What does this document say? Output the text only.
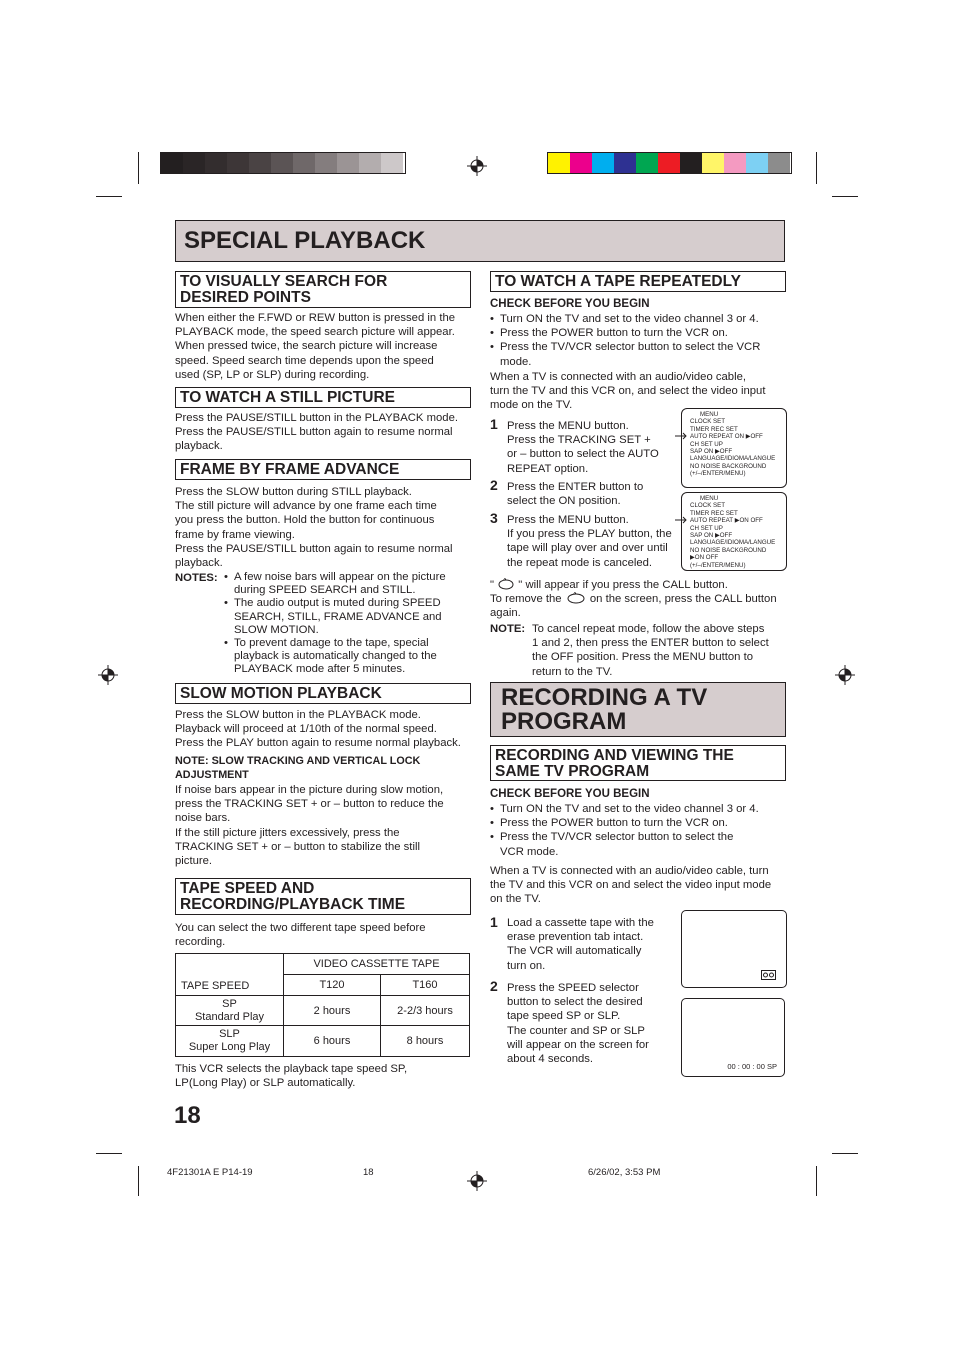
SPECIAL PLAYBACK
TO VISUALLY SEARCH FOR
DESIRED POINTS
When either the F.FWD or REW button is pressed in the
PLAYBACK mode, the speed search picture will appear.
When pressed twice, the search picture will increase
speed. Speed search time depends upon the speed
used (SP, LP or SLP) during recording.
TO WATCH A STILL PICTURE
Press the PAUSE/STILL button in the PLAYBACK mode.
Press the PAUSE/STILL button again to resume normal
playback.
FRAME BY FRAME ADVANCE
Press the SLOW button during STILL playback.
The still picture will advance by one frame each time
you press the button. Hold the button for continuous
frame by frame viewing.
Press the PAUSE/STILL button again to resume normal
playback.
NOTES: • A few noise bars will appear on the picture
during SPEED SEARCH and STILL.
• The audio output is muted during SPEED
SEARCH, STILL, FRAME ADVANCE and
SLOW MOTION.
• To prevent damage to the tape, special
playback is automatically changed to the
PLAYBACK mode after 5 minutes.
SLOW MOTION PLAYBACK
Press the SLOW button in the PLAYBACK mode.
Playback will proceed at 1/10th of the normal speed.
Press the PLAY button again to resume normal playback.
NOTE: SLOW TRACKING AND VERTICAL LOCK
ADJUSTMENT
If noise bars appear in the picture during slow motion,
press the TRACKING SET + or – button to reduce the
noise bars.
If the still picture jitters excessively, press the
TRACKING SET + or – button to stabilize the still
picture.
TAPE SPEED AND
RECORDING/PLAYBACK TIME
You can select the two different tape speed before
recording.
TAPE SPEED	VIDEO CASSETTE TAPE	
	T120	T160

SP
Standard Play	2 hours	2-2/3 hours

SLP
Super Long Play	6 hours	8 hours
This VCR selects the playback tape speed SP,
LP(Long Play) or SLP automatically.
18
TO WATCH A TAPE REPEATEDLY
CHECK BEFORE YOU BEGIN
• Turn ON the TV and set to the video channel 3 or 4.
• Press the POWER button to turn the VCR on.
• Press the TV/VCR selector button to select the VCR
mode.
When a TV is connected with an audio/video cable,
turn the TV and this VCR on, and select the video input
mode on the TV.
1 Press the MENU button.
Press the TRACKING SET +
or – button to select the AUTO
REPEAT option.
2 Press the ENTER button to
select the ON position.
3 Press the MENU button.
If you press the PLAY button, the
tape will play over and over until
the repeat mode is canceled.
MENU
CLOCK SET
TIMER REC SET
AUTO REPEAT ON ▶OFF
CH SET UP
SAP ON ▶OFF
LANGUAGE/IDIOMA/LANGUE
NO NOISE BACKGROUND
(+/–/ENTER/MENU)
MENU
CLOCK SET
TIMER REC SET
AUTO REPEAT ▶ON OFF
CH SET UP
SAP ON ▶OFF
LANGUAGE/IDIOMA/LANGUE
NO NOISE BACKGROUND
▶ON OFF
(+/–/ENTER/MENU)
" " will appear if you press the CALL button.
To remove the	on the screen, press the CALL button
again.
NOTE: To cancel repeat mode, follow the above steps
1 and 2, then press the ENTER button to select
the OFF position. Press the MENU button to
return to the TV.
RECORDING A TV
PROGRAM
RECORDING AND VIEWING THE
SAME TV PROGRAM
CHECK BEFORE YOU BEGIN
• Turn ON the TV and set to the video channel 3 or 4.
• Press the POWER button to turn the VCR on.
• Press the TV/VCR selector button to select the
VCR mode.
When a TV is connected with an audio/video cable, turn
the TV and this VCR on and select the video input mode
on the TV.
1 Load a cassette tape with the
erase prevention tab intact.
The VCR will automatically
turn on.
2 Press the SPEED selector
button to select the desired
tape speed SP or SLP.
The counter and SP or SLP
will appear on the screen for
about 4 seconds.
00 : 00 : 00 SP
4F21301A E P14-19	18	6/26/02, 3:53 PM
